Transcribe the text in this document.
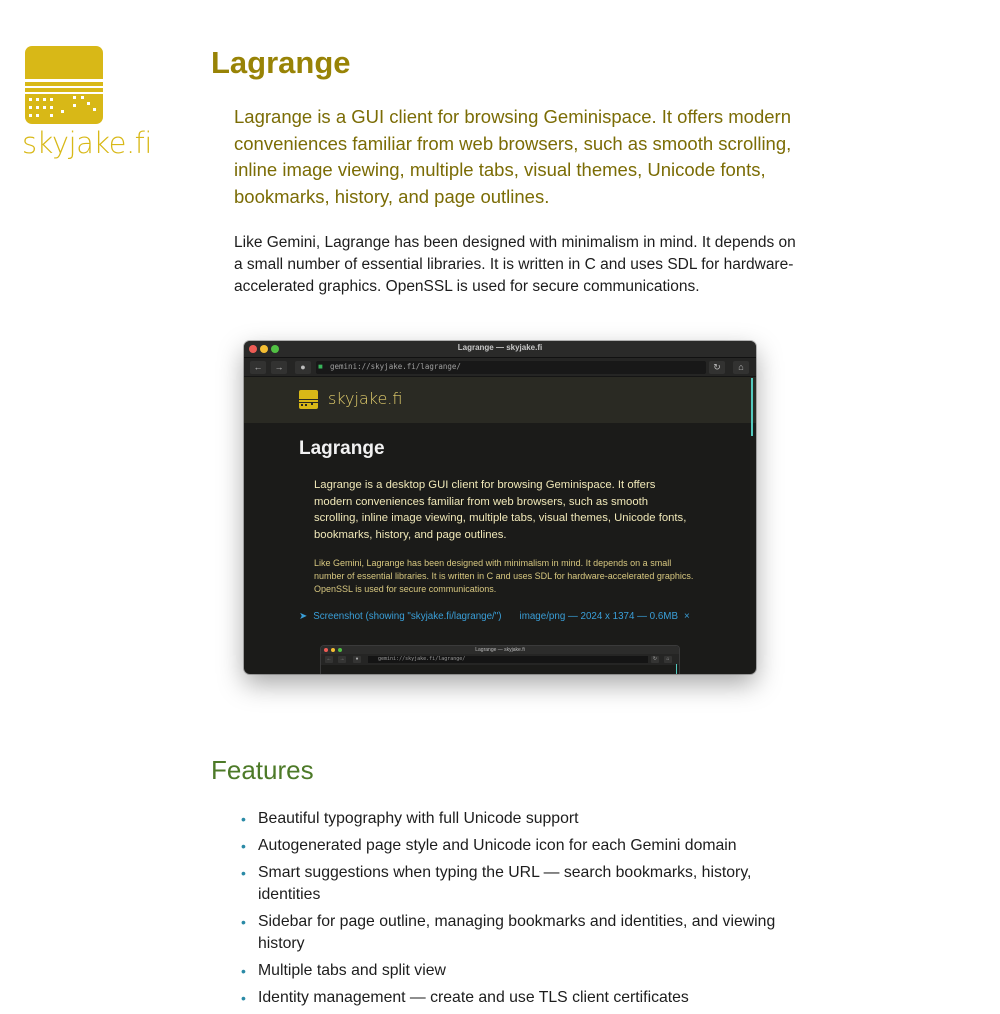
skyjake.fi
Lagrange

Lagrange is a GUI client for browsing Geminispace. It offers modern conveniences familiar from web browsers, such as smooth scrolling, inline image viewing, multiple tabs, visual themes, Unicode fonts, bookmarks, history, and page outlines.

Like Gemini, Lagrange has been designed with minimalism in mind. It depends on a small number of essential libraries. It is written in C and uses SDL for hardware-accelerated graphics. OpenSSL is used for secure communications.

Lagrange — skyjake.fi
←	→	●	■ gemini://skyjake.fi/lagrange/	↻	⌂
skyjake.fi
Lagrange

Lagrange is a desktop GUI client for browsing Geminispace. It offers modern conveniences familiar from web browsers, such as smooth scrolling, inline image viewing, multiple tabs, visual themes, Unicode fonts, bookmarks, history, and page outlines.

Like Gemini, Lagrange has been designed with minimalism in mind. It depends on a small number of essential libraries. It is written in C and uses SDL for hardware-accelerated graphics. OpenSSL is used for secure communications.

➤ Screenshot (showing "skyjake.fi/lagrange/") image/png — 2024 x 1374 — 0.6MB ×
Lagrange — skyjake.fi
←	→	●	gemini://skyjake.fi/lagrange/	↻	⌂
Features
• Beautiful typography with full Unicode support
• Autogenerated page style and Unicode icon for each Gemini domain
• Smart suggestions when typing the URL — search bookmarks, history, identities
• Sidebar for page outline, managing bookmarks and identities, and viewing history
• Multiple tabs and split view
• Identity management — create and use TLS client certificates
